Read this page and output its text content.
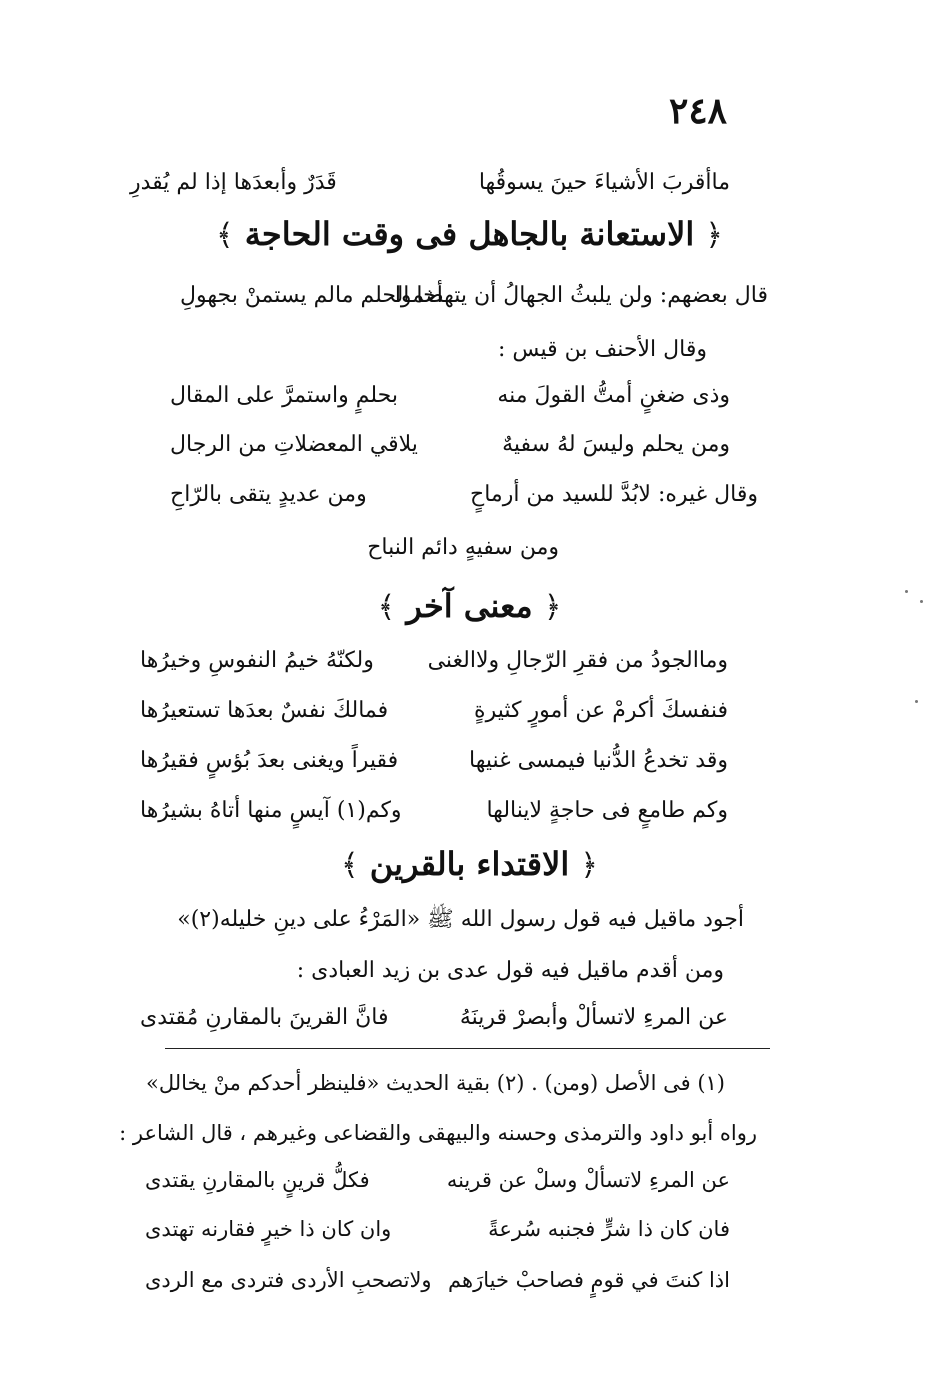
٢٤٨
ماأقربَ الأشياءَ حينَ يسوقُها
قَدَرٌ وأبعدَها إذا لم يُقدرِ
﴿ الاستعانة بالجاهل فى وقت الحاجة ﴾
قال بعضهم: ولن يلبثُ الجهالُ أن يتهضموا
أخا الحلم مالم يستمنْ بجهولِ
وقال الأحنف بن قيس :
وذى ضغنٍ أمتُّ القولَ منه
بحلمٍ واستمرَّ على المقال
ومن يحلم وليسَ لهُ سفيهٌ
يلاقي المعضلاتِ من الرجال
وقال غيره: لابُدَّ للسيد من أرماحٍ
ومن عديدٍ يتقى بالرّاحِ
ومن سفيهٍ دائم النباح
﴿ معنى آخر ﴾
وماالجودُ من فقرِ الرّجالِ ولاالغنى
ولكنّهُ خيمُ النفوسِ وخيرُها
فنفسكَ أكرمْ عن أمورٍ كثيرةٍ
فمالكَ نفسٌ بعدَها تستعيرُها
وقد تخدعُ الدُّنيا فيمسى غنيها
فقيراً ويغنى بعدَ بُؤسٍ فقيرُها
وكم طامعٍ فى حاجةٍ لاينالها
وكم(١) آيسٍ منها أتاهُ بشيرُها
﴿ الاقتداء بالقرين ﴾
أجود ماقيل فيه قول رسول الله ﷺ «المَرْءُ على دينِ خليله(٢)»
ومن أقدم ماقيل فيه قول عدى بن زيد العبادى :
عن المرءِ لاتسألْ وأبصرْ قرينَهُ
فانَّ القرينَ بالمقارنِ مُقتدى
(١) فى الأصل (ومن) . (٢) بقية الحديث «فلينظر أحدكم منْ يخالل»
رواه أبو داود والترمذى وحسنه والبيهقى والقضاعى وغيرهم ، قال الشاعر :
عن المرءِ لاتسألْ وسلْ عن قرينه
فكلُّ قرينٍ بالمقارنِ يقتدى
فان كان ذا شرٍّ فجنبه سُرعةً
وان كان ذا خيرٍ فقارنه تهتدى
اذا كنتَ في قومٍ فصاحبْ خيارَهم
ولاتصحبِ الأردى فتردى مع الردى
